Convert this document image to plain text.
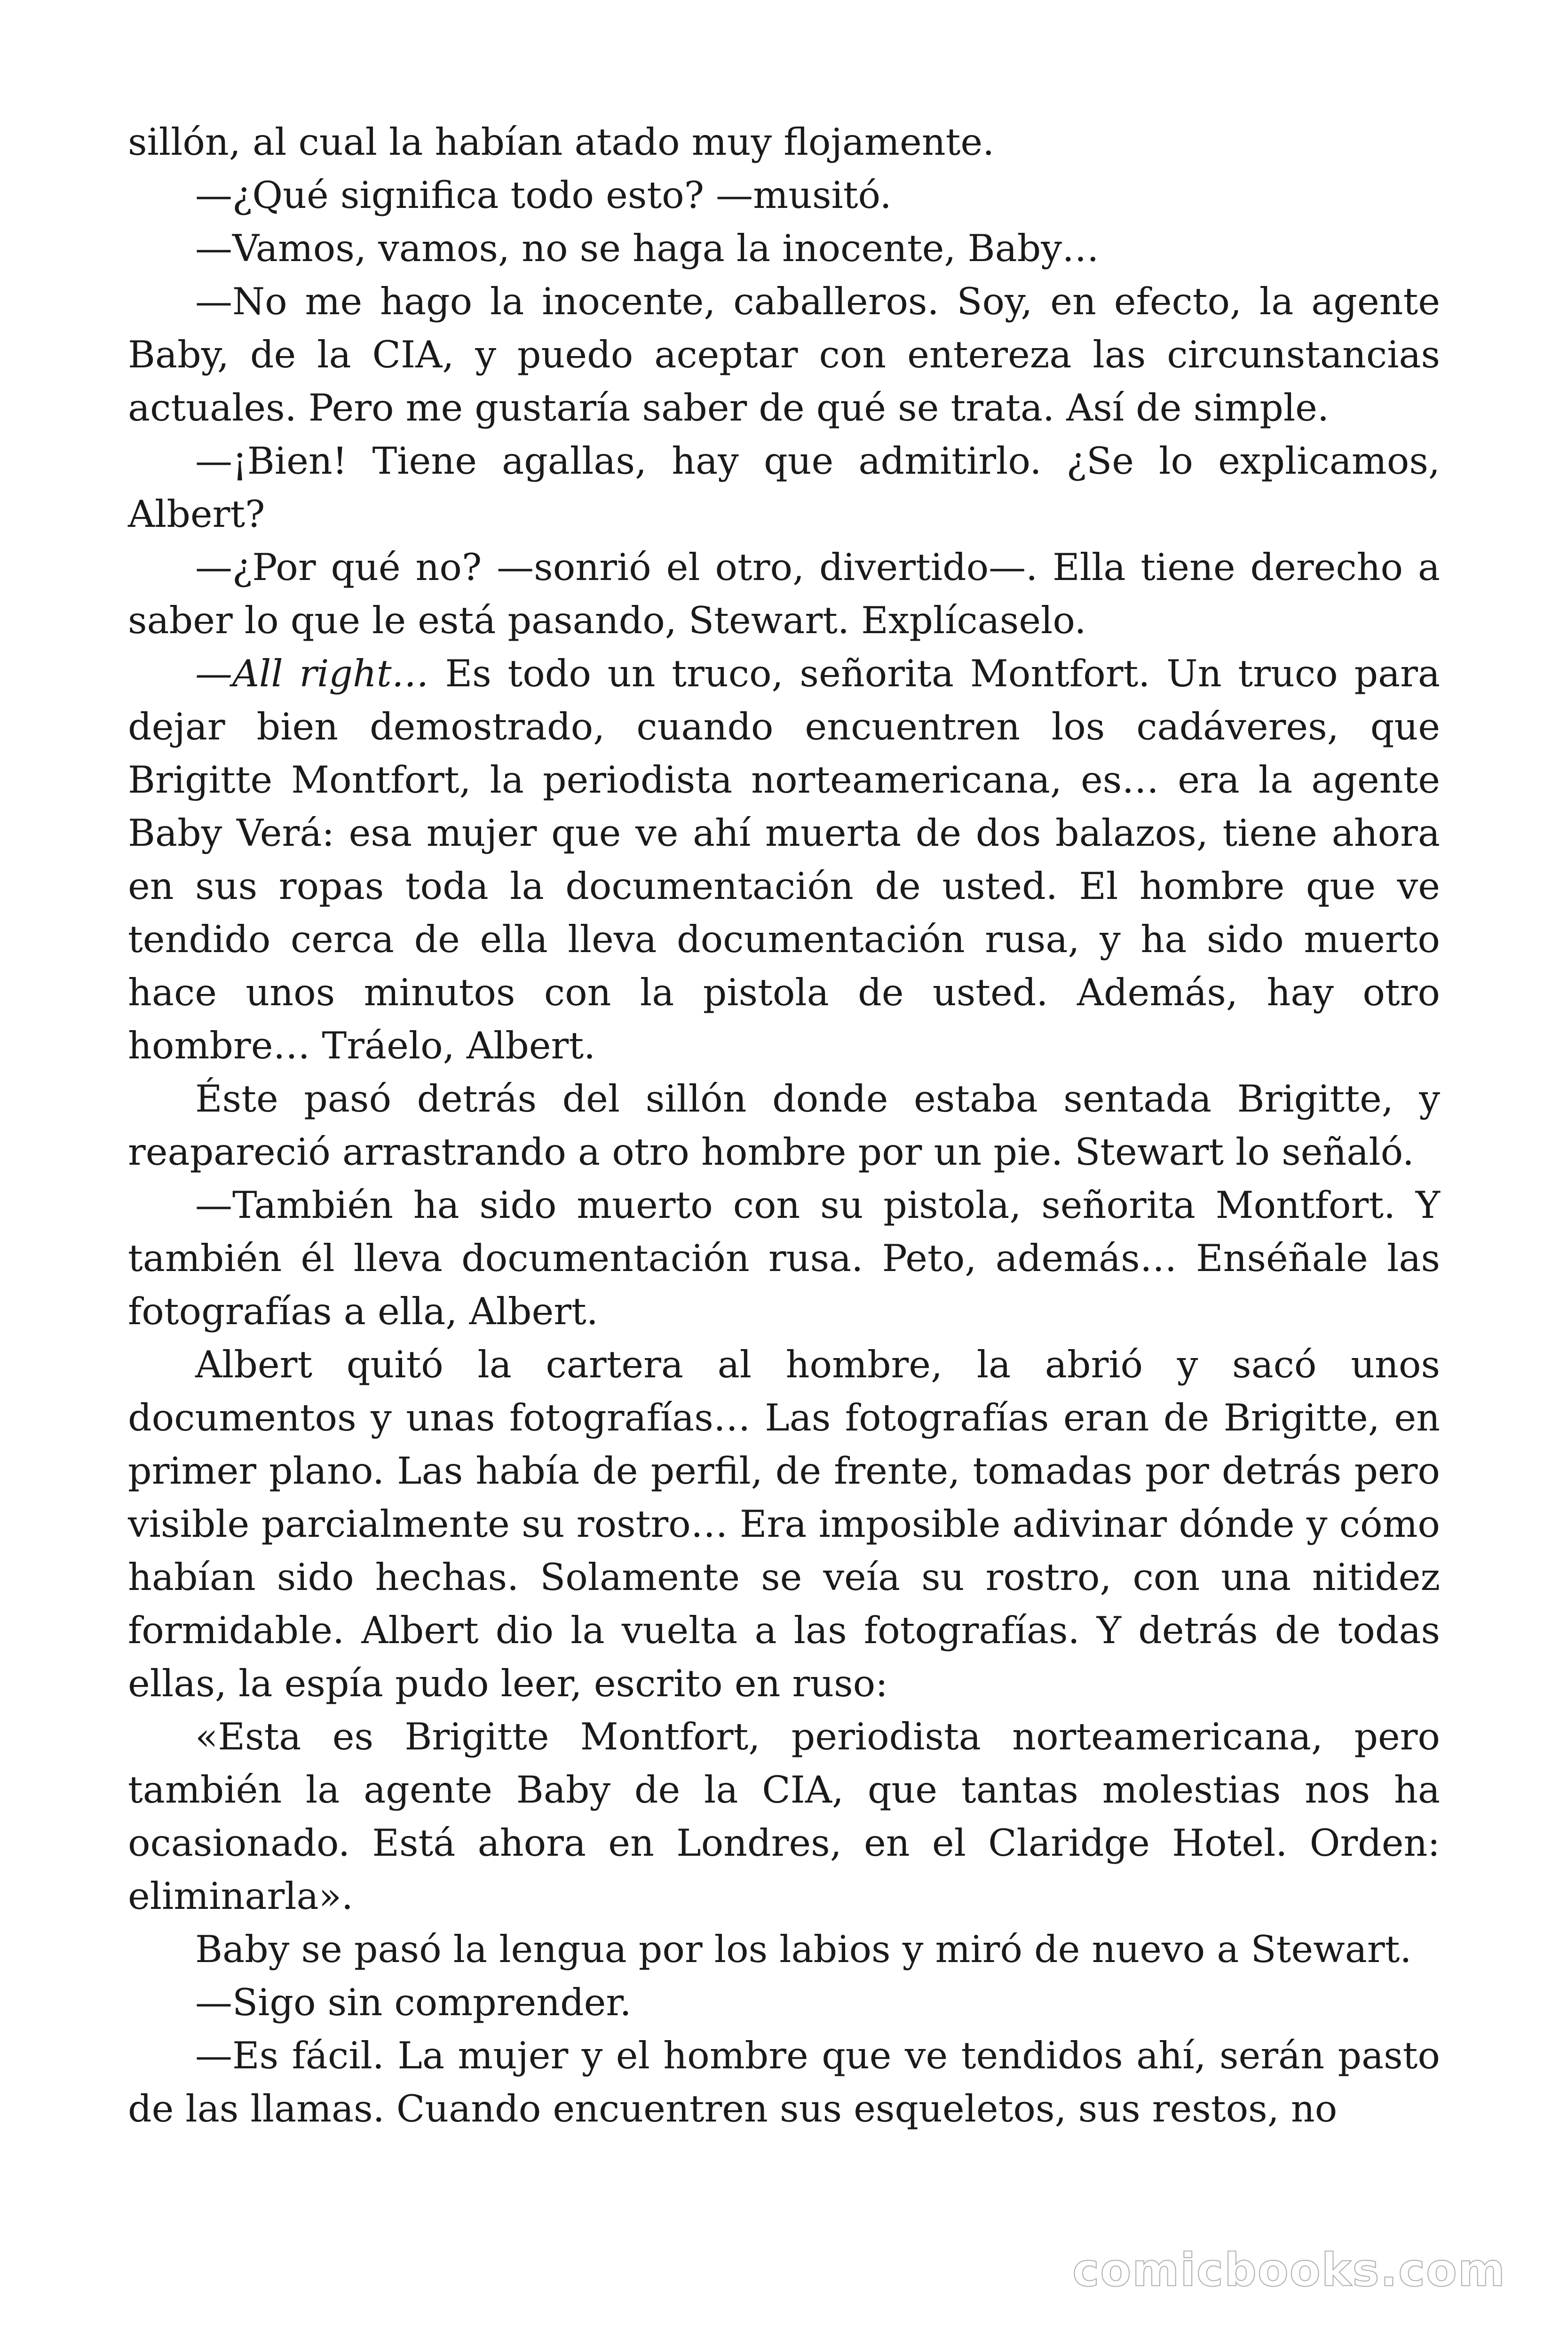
sillón, al cual la habían atado muy flojamente.

—¿Qué significa todo esto? —musitó.

—Vamos, vamos, no se haga la inocente, Baby…

—No me hago la inocente, caballeros. Soy, en efecto, la agente Baby, de la CIA, y puedo aceptar con entereza las circunstancias actuales. Pero me gustaría saber de qué se trata. Así de simple.

—¡Bien! Tiene agallas, hay que admitirlo. ¿Se lo explicamos, Albert?

—¿Por qué no? —sonrió el otro, divertido—. Ella tiene derecho a saber lo que le está pasando, Stewart. Explícaselo.

—All right… Es todo un truco, señorita Montfort. Un truco para dejar bien demostrado, cuando encuentren los cadáveres, que Brigitte Montfort, la periodista norteamericana, es… era la agente Baby Verá: esa mujer que ve ahí muerta de dos balazos, tiene ahora en sus ropas toda la documentación de usted. El hombre que ve tendido cerca de ella lleva documentación rusa, y ha sido muerto hace unos minutos con la pistola de usted. Además, hay otro hombre… Tráelo, Albert.

Éste pasó detrás del sillón donde estaba sentada Brigitte, y reapareció arrastrando a otro hombre por un pie. Stewart lo señaló.

—También ha sido muerto con su pistola, señorita Montfort. Y también él lleva documentación rusa. Peto, además… Enséñale las fotografías a ella, Albert.

Albert quitó la cartera al hombre, la abrió y sacó unos documentos y unas fotografías… Las fotografías eran de Brigitte, en primer plano. Las había de perfil, de frente, tomadas por detrás pero visible parcialmente su rostro… Era imposible adivinar dónde y cómo habían sido hechas. Solamente se veía su rostro, con una nitidez formidable. Albert dio la vuelta a las fotografías. Y detrás de todas ellas, la espía pudo leer, escrito en ruso:

«Esta es Brigitte Montfort, periodista norteamericana, pero también la agente Baby de la CIA, que tantas molestias nos ha ocasionado. Está ahora en Londres, en el Claridge Hotel. Orden: eliminarla».

Baby se pasó la lengua por los labios y miró de nuevo a Stewart.

—Sigo sin comprender.

—Es fácil. La mujer y el hombre que ve tendidos ahí, serán pasto de las llamas. Cuando encuentren sus esqueletos, sus restos, no

comicbooks.com
